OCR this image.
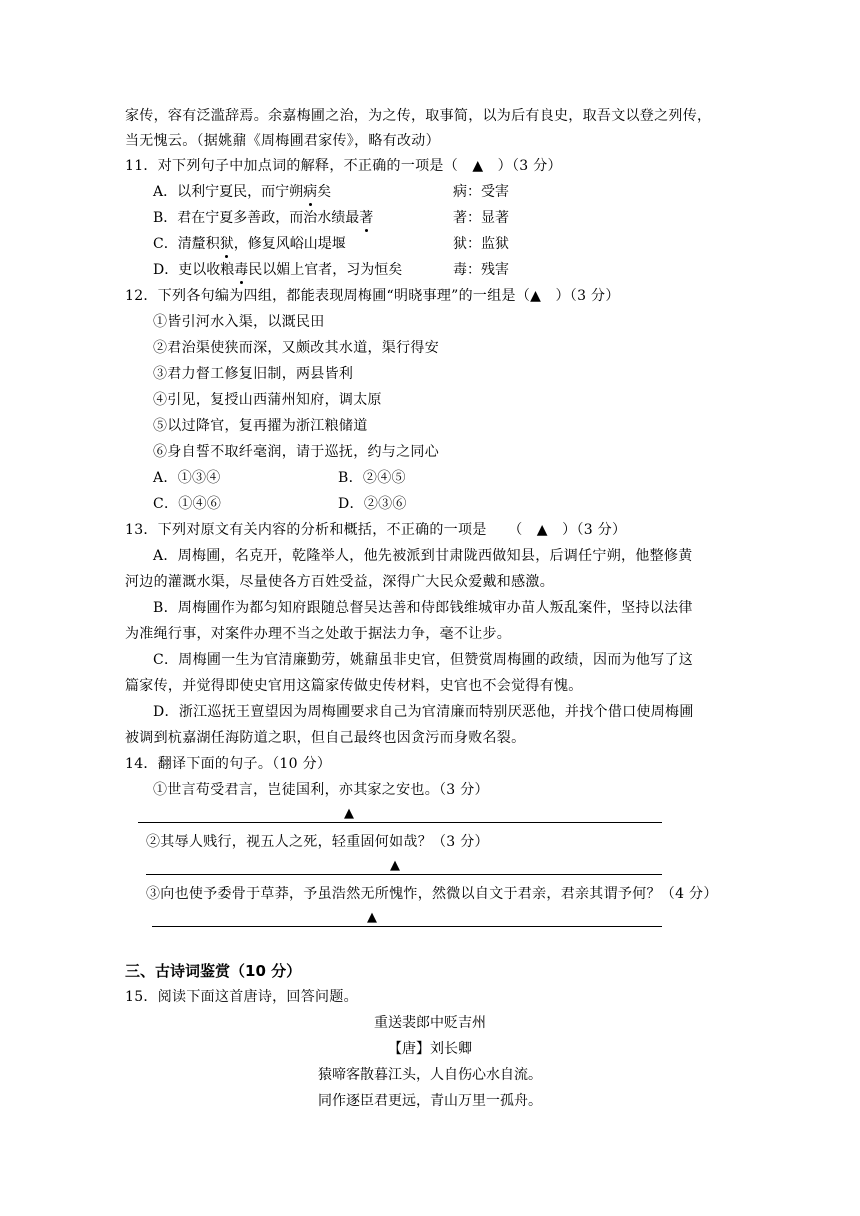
家传，容有泛滥辞焉。余嘉梅圃之治，为之传，取事简，以为后有良史，取吾文以登之列传，
当无愧云。（据姚鼐《周梅圃君家传》，略有改动）
11．对下列句子中加点词的解释，不正确的一项是（　▲　）（3 分）
A．以利宁夏民，而宁朔病矣	病：受害
B．君在宁夏多善政，而治水绩最著	著：显著
C．清釐积狱，修复风峪山堤堰	狱：监狱
D．吏以收粮毒民以媚上官者，习为恒矣	毒：残害
12．下列各句编为四组，都能表现周梅圃“明晓事理”的一组是（▲　）（3 分）
①皆引河水入渠，以溉民田
②君治渠使狭而深，又颇改其水道，渠行得安
③君力督工修复旧制，两县皆利
④引见，复授山西蒲州知府，调太原
⑤以过降官，复再擢为浙江粮储道
⑥身自誓不取纤毫润，请于巡抚，约与之同心
A．①③④	B．②④⑤
C．①④⑥	D．②③⑥
13．下列对原文有关内容的分析和概括，不正确的一项是　　（　▲　）（3 分）
A．周梅圃，名克开，乾隆举人，他先被派到甘肃陇西做知县，后调任宁朔，他整修黄
河边的灌溉水渠，尽量使各方百姓受益，深得广大民众爱戴和感激。
B．周梅圃作为都匀知府跟随总督吴达善和侍郎钱维城审办苗人叛乱案件，坚持以法律
为准绳行事，对案件办理不当之处敢于据法力争，毫不让步。
C．周梅圃一生为官清廉勤劳，姚鼐虽非史官，但赞赏周梅圃的政绩，因而为他写了这
篇家传，并觉得即使史官用这篇家传做史传材料，史官也不会觉得有愧。
D．浙江巡抚王亶望因为周梅圃要求自己为官清廉而特别厌恶他，并找个借口使周梅圃
被调到杭嘉湖任海防道之职，但自己最终也因贪污而身败名裂。
14．翻译下面的句子。（10 分）
①世言苟受君言，岂徒国利，亦其家之安也。（3 分）
▲
②其辱人贱行，视五人之死，轻重固何如哉？（3 分）
▲
③向也使予委骨于草莽，予虽浩然无所愧怍，然微以自文于君亲，君亲其谓予何？（4 分）
▲
三、古诗词鉴赏（10 分）
15．阅读下面这首唐诗，回答问题。
重送裴郎中贬吉州
【唐】刘长卿
猿啼客散暮江头，人自伤心水自流。
同作逐臣君更远，青山万里一孤舟。
